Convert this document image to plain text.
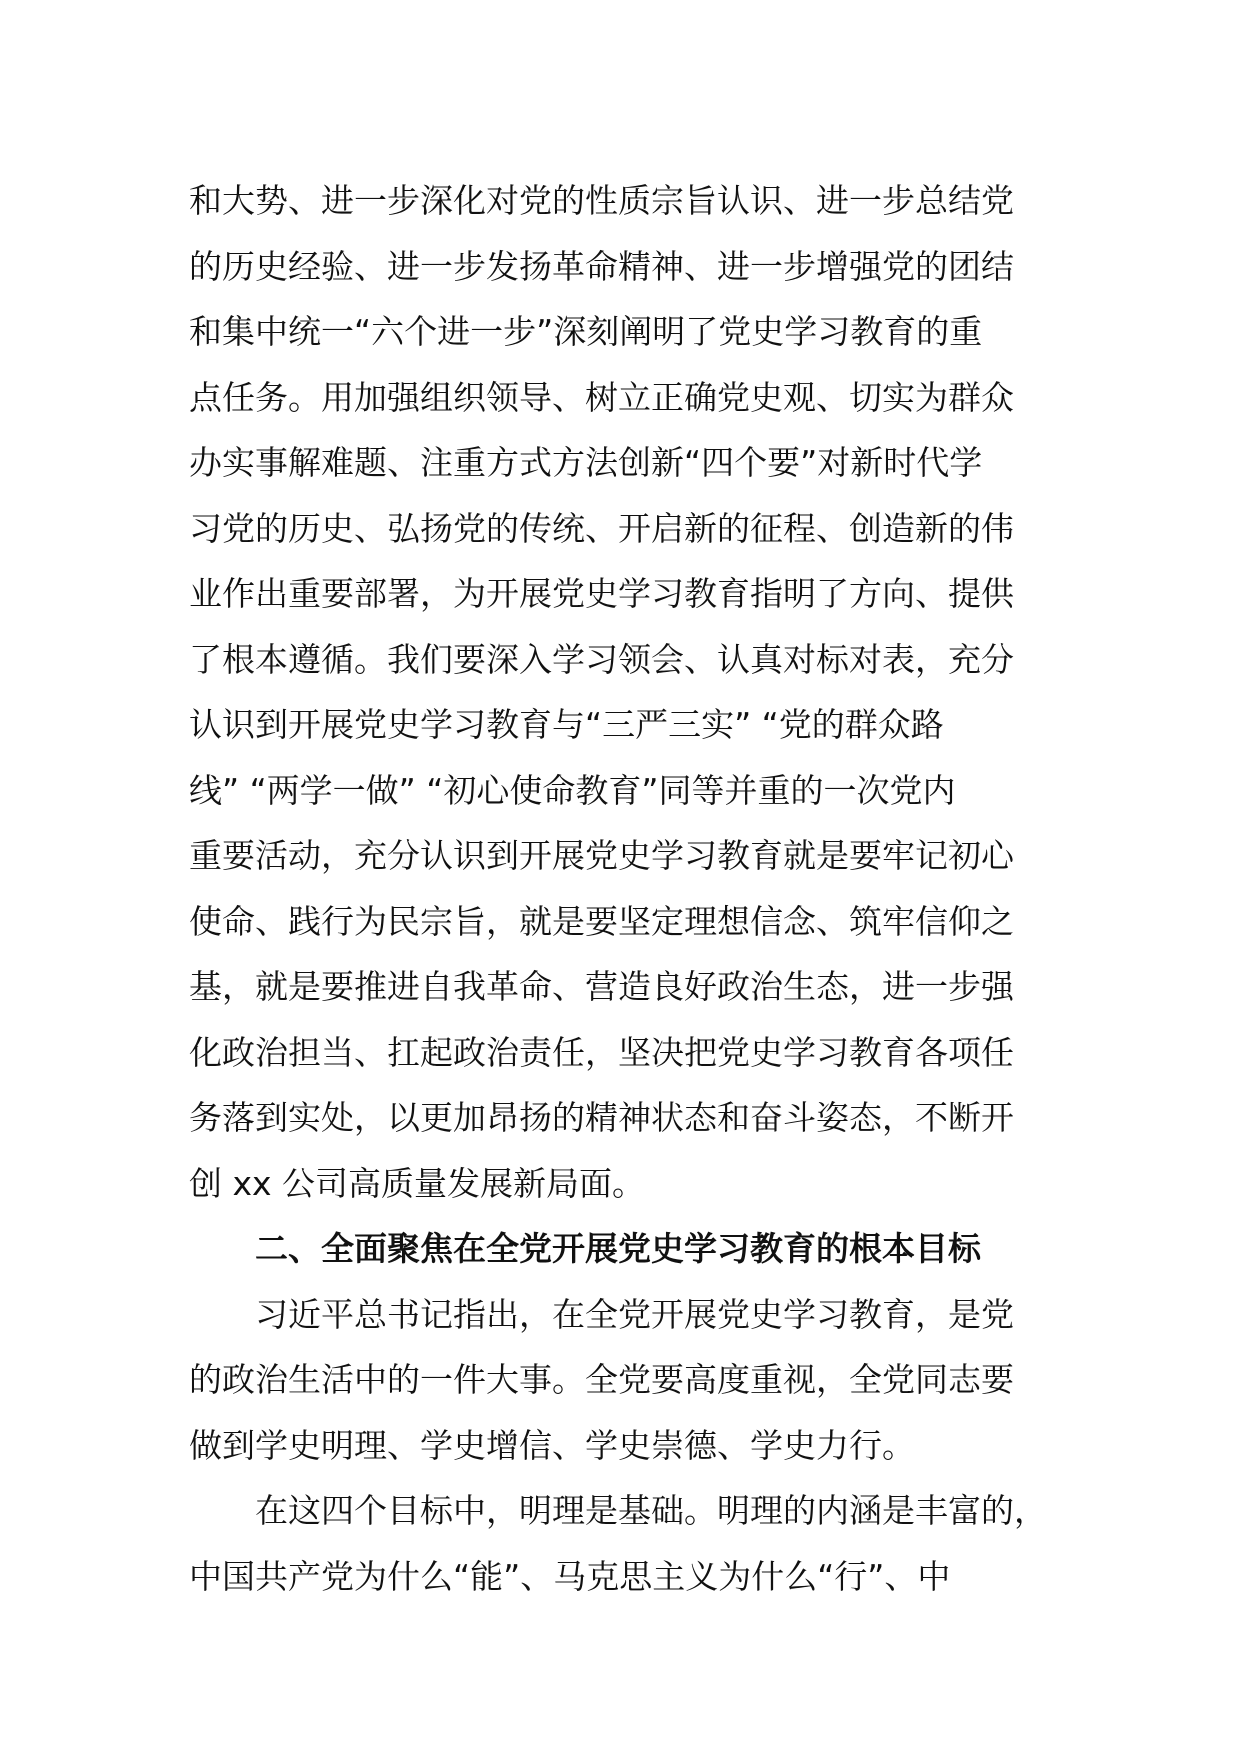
和大势、进一步深化对党的性质宗旨认识、进一步总结党
的历史经验、进一步发扬革命精神、进一步增强党的团结
和集中统一“六个进一步”深刻阐明了党史学习教育的重
点任务。用加强组织领导、树立正确党史观、切实为群众
办实事解难题、注重方式方法创新“四个要”对新时代学
习党的历史、弘扬党的传统、开启新的征程、创造新的伟
业作出重要部署，为开展党史学习教育指明了方向、提供
了根本遵循。我们要深入学习领会、认真对标对表，充分
认识到开展党史学习教育与“三严三实” “党的群众路
线” “两学一做” “初心使命教育”同等并重的一次党内
重要活动，充分认识到开展党史学习教育就是要牢记初心
使命、践行为民宗旨，就是要坚定理想信念、筑牢信仰之
基，就是要推进自我革命、营造良好政治生态，进一步强
化政治担当、扛起政治责任，坚决把党史学习教育各项任
务落到实处，以更加昂扬的精神状态和奋斗姿态，不断开
创 xx 公司高质量发展新局面。
二、全面聚焦在全党开展党史学习教育的根本目标
习近平总书记指出，在全党开展党史学习教育，是党
的政治生活中的一件大事。全党要高度重视，全党同志要
做到学史明理、学史增信、学史崇德、学史力行。
在这四个目标中，明理是基础。明理的内涵是丰富的，
中国共产党为什么“能”、马克思主义为什么“行”、中
